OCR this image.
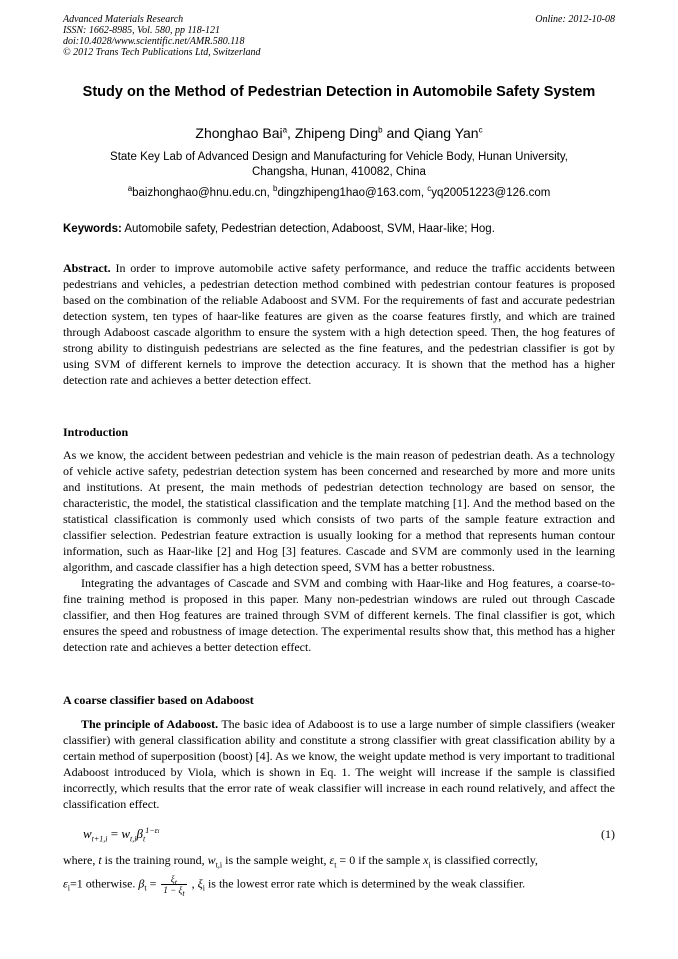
Advanced Materials Research
ISSN: 1662-8985, Vol. 580, pp 118-121
doi:10.4028/www.scientific.net/AMR.580.118
© 2012 Trans Tech Publications Ltd, Switzerland
Online: 2012-10-08
Study on the Method of Pedestrian Detection in Automobile Safety System
Zhonghao Bai$^a$, Zhipeng Ding$^b$ and Qiang Yan$^c$
State Key Lab of Advanced Design and Manufacturing for Vehicle Body, Hunan University,
Changsha, Hunan, 410082, China
$^a$baizhonghao@hnu.edu.cn, $^b$dingzhipeng1hao@163.com, $^c$yq20051223@126.com
Keywords: Automobile safety, Pedestrian detection, Adaboost, SVM, Haar-like; Hog.

Abstract. In order to improve automobile active safety performance, and reduce the traffic accidents between pedestrians and vehicles, a pedestrian detection method combined with pedestrian contour features is proposed based on the combination of the reliable Adaboost and SVM. For the requirements of fast and accurate pedestrian detection system, ten types of haar-like features are given as the coarse features firstly, and which are trained through Adaboost cascade algorithm to ensure the system with a high detection speed. Then, the hog features of strong ability to distinguish pedestrians are selected as the fine features, and the pedestrian classifier is got by using SVM of different kernels to improve the detection accuracy. It is shown that the method has a higher detection rate and achieves a better detection effect.

Introduction

As we know, the accident between pedestrian and vehicle is the main reason of pedestrian death. As a technology of vehicle active safety, pedestrian detection system has been concerned and researched by more and more units and institutions. At present, the main methods of pedestrian detection technology are based on sensor, the characteristic, the model, the statistical classification and the template matching [1]. And the method based on the statistical classification is commonly used which consists of two parts of the sample feature extraction and classifier selection. Pedestrian feature extraction is usually looking for a method that represents human contour information, such as Haar-like [2] and Hog [3] features. Cascade and SVM are commonly used in the learning algorithm, and cascade classifier has a high detection speed, SVM has a better robustness.

Integrating the advantages of Cascade and SVM and combing with Haar-like and Hog features, a coarse-to-fine training method is proposed in this paper. Many non-pedestrian windows are ruled out through Cascade classifier, and then Hog features are trained through SVM of different kernels. The final classifier is got, which ensures the speed and robustness of image detection. The experimental results show that, this method has a higher detection rate and achieves a better detection effect.

A coarse classifier based on Adaboost

The principle of Adaboost. The basic idea of Adaboost is to use a large number of simple classifiers (weaker classifier) with general classification ability and constitute a strong classifier with great classification ability by a certain method of superposition (boost) [4]. As we know, the weight update method is very important to traditional Adaboost introduced by Viola, which is shown in Eq. 1. The weight will increase if the sample is classified incorrectly, which results that the error rate of weak classifier will increase in each round relatively, and affect the classification effect.

$w_{t+1,i} = w_{t,i}\beta_t^{1-\varepsilon i}$	(1)

where, t is the training round, $w_{t,i}$ is the sample weight, $\varepsilon_t = 0$ if the sample $x_i$ is classified correctly,

$\varepsilon_i=1$ otherwise. $\beta_t = \frac{\xi_t}{1 - \xi_t}$ , $\xi_i$ is the lowest error rate which is determined by the weak classifier.
